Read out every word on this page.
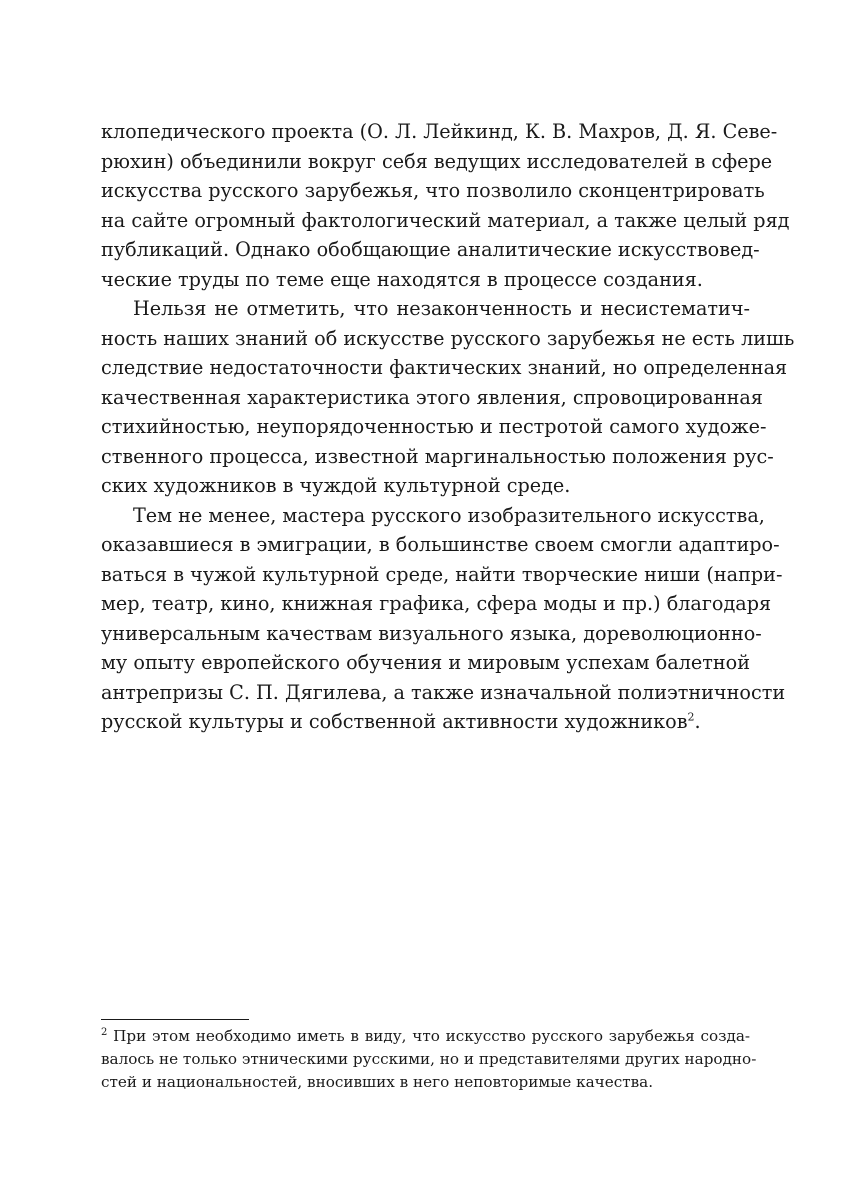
клопедического проекта (О. Л. Лейкинд, К. В. Махров, Д. Я. Севе-
рюхин) объединили вокруг себя ведущих исследователей в сфере
искусства русского зарубежья, что позволило сконцентрировать
на сайте огромный фактологический материал, а также целый ряд
публикаций. Однако обобщающие аналитические искусствовед-
ческие труды по теме еще находятся в процессе создания.
Нельзя не отметить, что незаконченность и несистематич-
ность наших знаний об искусстве русского зарубежья не есть лишь
следствие недостаточности фактических знаний, но определенная
качественная характеристика этого явления, спровоцированная
стихийностью, неупорядоченностью и пестротой самого художе-
ственного процесса, известной маргинальностью положения рус-
ских художников в чуждой культурной среде.
Тем не менее, мастера русского изобразительного искусства,
оказавшиеся в эмиграции, в большинстве своем смогли адаптиро-
ваться в чужой культурной среде, найти творческие ниши (напри-
мер, театр, кино, книжная графика, сфера моды и пр.) благодаря
универсальным качествам визуального языка, дореволюционно-
му опыту европейского обучения и мировым успехам балетной
антрепризы С. П. Дягилева, а также изначальной полиэтничности
русской культуры и собственной активности художников$^2$.
$^2$ При этом необходимо иметь в виду, что искусство русского зарубежья созда-
валось не только этническими русскими, но и представителями других народно-
стей и национальностей, вносивших в него неповторимые качества.
